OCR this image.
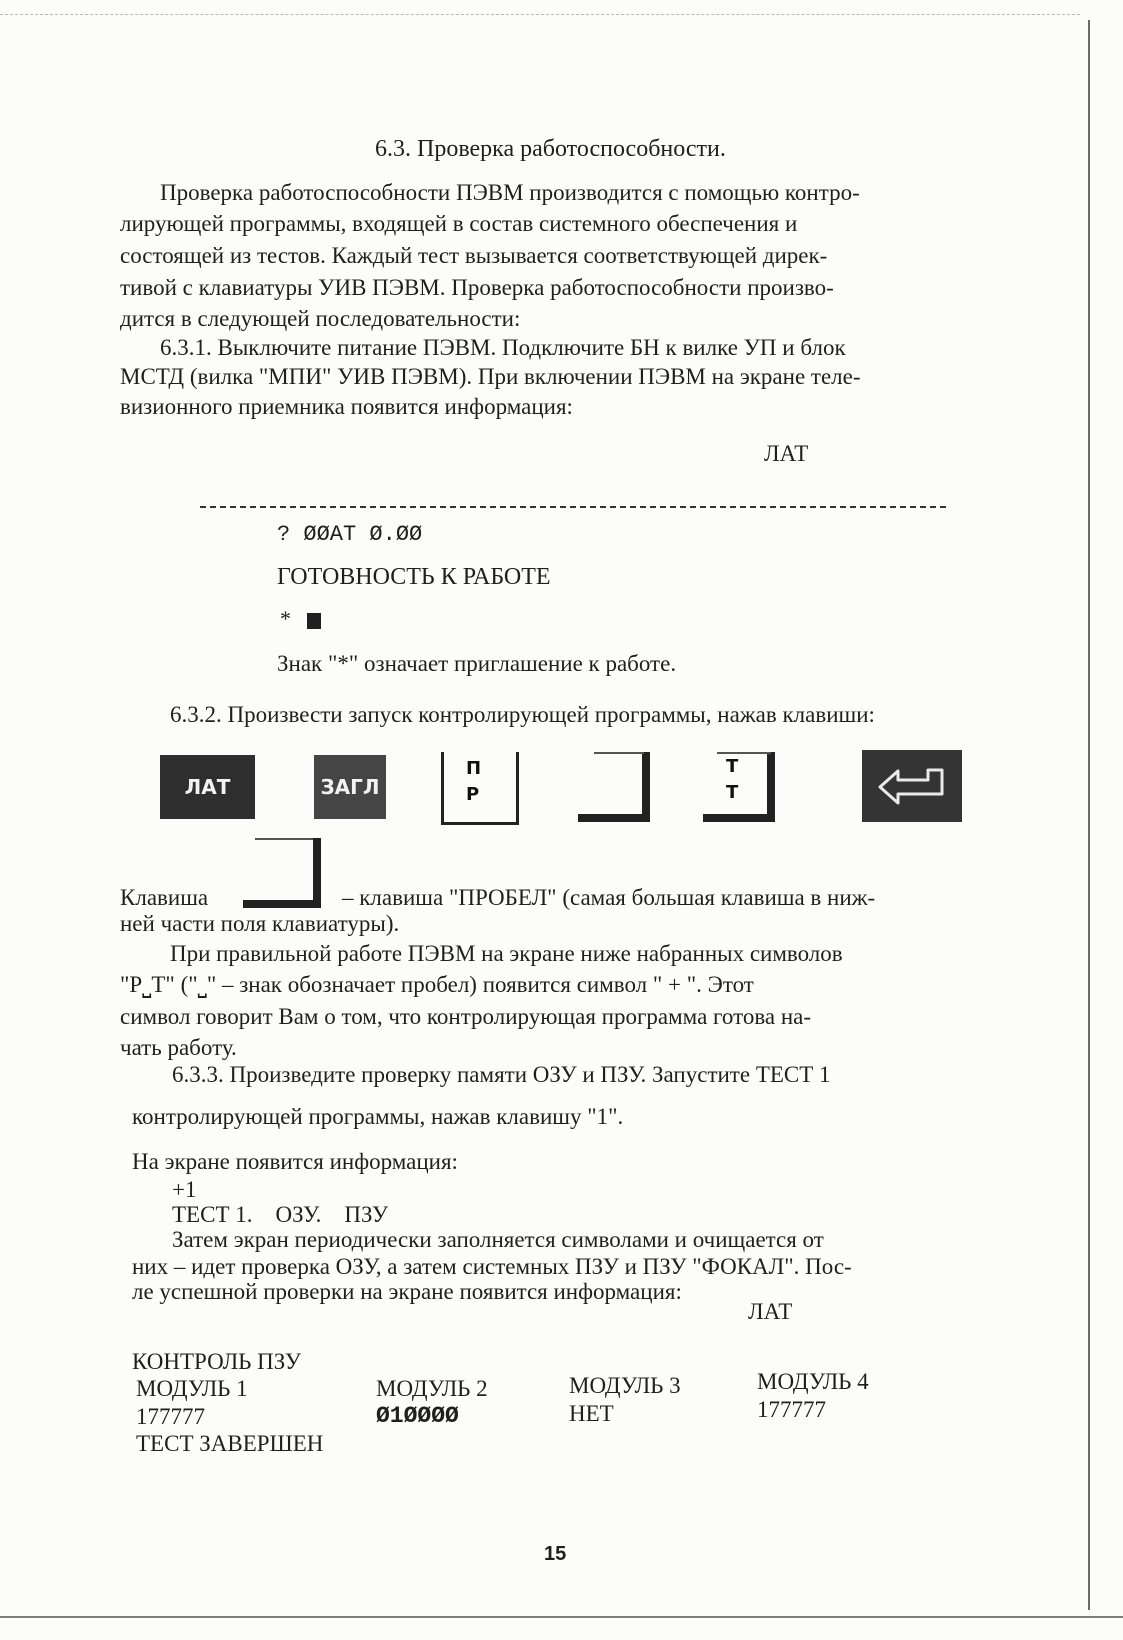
6.3. Проверка работоспособности.
Проверка работоспособности ПЭВМ производится с помощью контро-
лирующей программы, входящей в состав системного обеспечения и
состоящей из тестов. Каждый тест вызывается соответствующей дирек-
тивой с клавиатуры УИВ ПЭВМ. Проверка работоспособности произво-
дится в следующей последовательности:
6.3.1. Выключите питание ПЭВМ. Подключите БН к вилке УП и блок
МСТД (вилка "МПИ" УИВ ПЭВМ). При включении ПЭВМ на экране теле-
визионного приемника появится информация:
ЛАТ
? ØØAT Ø.ØØ
ГОТОВНОСТЬ К РАБОТЕ
*
Знак "*" означает приглашение к работе.
6.3.2. Произвести запуск контролирующей программы, нажав клавиши:
ЛАТ	ЗАГЛ
П
Р
Т
Т
Клавиша	– клавиша "ПРОБЕЛ" (самая большая клавиша в ниж-
ней части поля клавиатуры).
При правильной работе ПЭВМ на экране ниже набранных символов
"Р⎵Т" ("⎵" – знак обозначает пробел) появится символ " + ". Этот
символ говорит Вам о том, что контролирующая программа готова на-
чать работу.
6.3.3. Произведите проверку памяти ОЗУ и ПЗУ. Запустите ТЕСТ 1
контролирующей программы, нажав клавишу "1".
На экране появится информация:
+1
ТЕСТ 1.    ОЗУ.    ПЗУ
Затем экран периодически заполняется символами и очищается от
них – идет проверка ОЗУ, а затем системных ПЗУ и ПЗУ "ФОКАЛ". Пос-
ле успешной проверки на экране появится информация:
ЛАТ
КОНТРОЛЬ ПЗУ
МОДУЛЬ 1
177777
МОДУЛЬ 2
Ø1ØØØØ
МОДУЛЬ 3
НЕТ
МОДУЛЬ 4
177777
ТЕСТ ЗАВЕРШЕН
15
